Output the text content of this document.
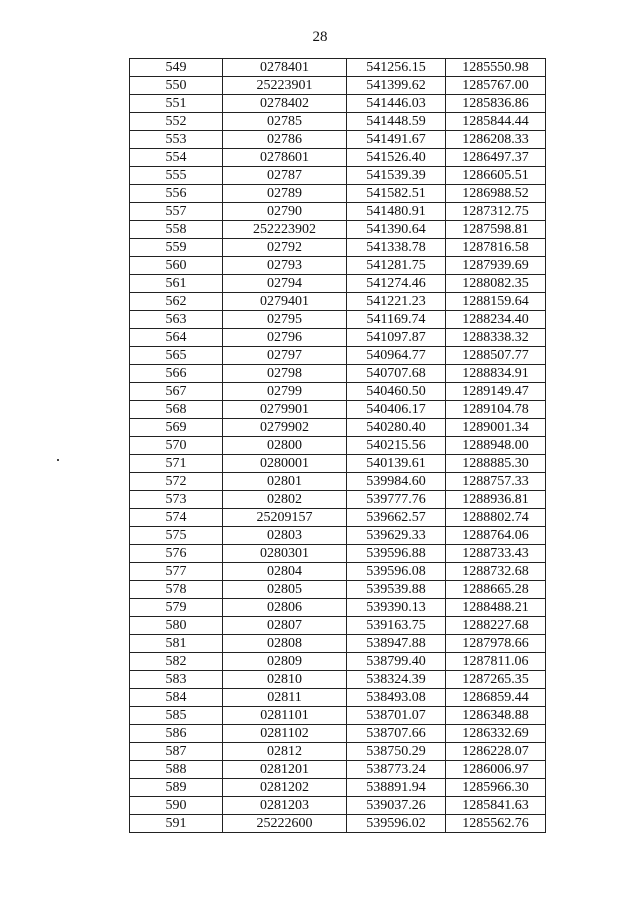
28
549	0278401	541256.15	1285550.98
550	25223901	541399.62	1285767.00
551	0278402	541446.03	1285836.86
552	02785	541448.59	1285844.44
553	02786	541491.67	1286208.33
554	0278601	541526.40	1286497.37
555	02787	541539.39	1286605.51
556	02789	541582.51	1286988.52
557	02790	541480.91	1287312.75
558	252223902	541390.64	1287598.81
559	02792	541338.78	1287816.58
560	02793	541281.75	1287939.69
561	02794	541274.46	1288082.35
562	0279401	541221.23	1288159.64
563	02795	541169.74	1288234.40
564	02796	541097.87	1288338.32
565	02797	540964.77	1288507.77
566	02798	540707.68	1288834.91
567	02799	540460.50	1289149.47
568	0279901	540406.17	1289104.78
569	0279902	540280.40	1289001.34
570	02800	540215.56	1288948.00
571	0280001	540139.61	1288885.30
572	02801	539984.60	1288757.33
573	02802	539777.76	1288936.81
574	25209157	539662.57	1288802.74
575	02803	539629.33	1288764.06
576	0280301	539596.88	1288733.43
577	02804	539596.08	1288732.68
578	02805	539539.88	1288665.28
579	02806	539390.13	1288488.21
580	02807	539163.75	1288227.68
581	02808	538947.88	1287978.66
582	02809	538799.40	1287811.06
583	02810	538324.39	1287265.35
584	02811	538493.08	1286859.44
585	0281101	538701.07	1286348.88
586	0281102	538707.66	1286332.69
587	02812	538750.29	1286228.07
588	0281201	538773.24	1286006.97
589	0281202	538891.94	1285966.30
590	0281203	539037.26	1285841.63
591	25222600	539596.02	1285562.76
